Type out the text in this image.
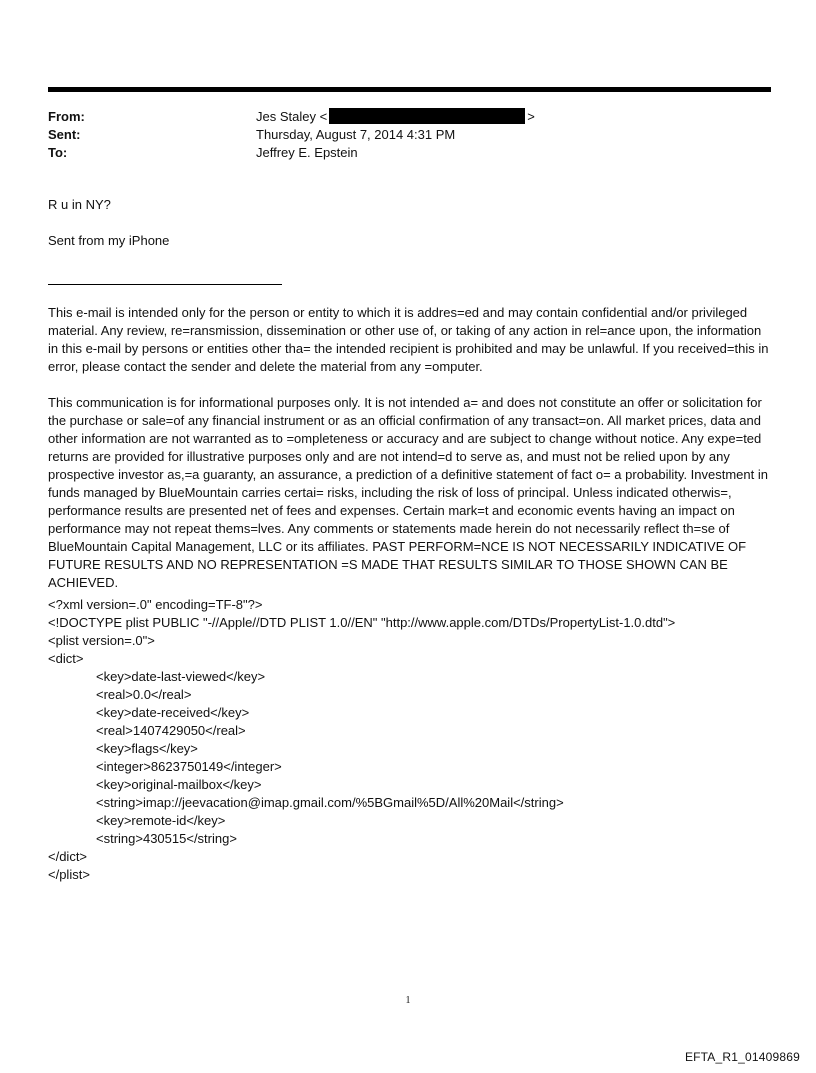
From:	Jes Staley <	>
Sent:	Thursday, August 7, 2014 4:31 PM
To:	Jeffrey E. Epstein

R u in NY?

Sent from my iPhone

This e-mail is intended only for the person or entity to which it is addres=ed and may contain confidential and/or privileged material. Any review, re=ransmission, dissemination or other use of, or taking of any action in rel=ance upon, the information in this e-mail by persons or entities other tha= the intended recipient is prohibited and may be unlawful. If you received=this in error, please contact the sender and delete the material from any =omputer.

This communication is for informational purposes only. It is not intended a= and does not constitute an offer or solicitation for the purchase or sale=of any financial instrument or as an official confirmation of any transact=on. All market prices, data and other information are not warranted as to =ompleteness or accuracy and are subject to change without notice. Any expe=ted returns are provided for illustrative purposes only and are not intend=d to serve as, and must not be relied upon by any prospective investor as,=a guaranty, an assurance, a prediction of a definitive statement of fact o= a probability. Investment in funds managed by BlueMountain carries certai= risks, including the risk of loss of principal. Unless indicated otherwis=, performance results are presented net of fees and expenses. Certain mark=t and economic events having an impact on performance may not repeat thems=lves. Any comments or statements made herein do not necessarily reflect th=se of BlueMountain Capital Management, LLC or its affiliates. PAST PERFORM=NCE IS NOT NECESSARILY INDICATIVE OF FUTURE RESULTS AND NO REPRESENTATION =S MADE THAT RESULTS SIMILAR TO THOSE SHOWN CAN BE ACHIEVED.

<?xml version=.0" encoding=TF-8"?>
<!DOCTYPE plist PUBLIC "-//Apple//DTD PLIST 1.0//EN" "http://www.apple.com/DTDs/PropertyList-1.0.dtd">
<plist version=.0">
<dict>
<key>date-last-viewed</key>
<real>0.0</real>
<key>date-received</key>
<real>1407429050</real>
<key>flags</key>
<integer>8623750149</integer>
<key>original-mailbox</key>
<string>imap://jeevacation@imap.gmail.com/%5BGmail%5D/All%20Mail</string>
<key>remote-id</key>
<string>430515</string>
</dict>
</plist>
1
EFTA_R1_01409869
